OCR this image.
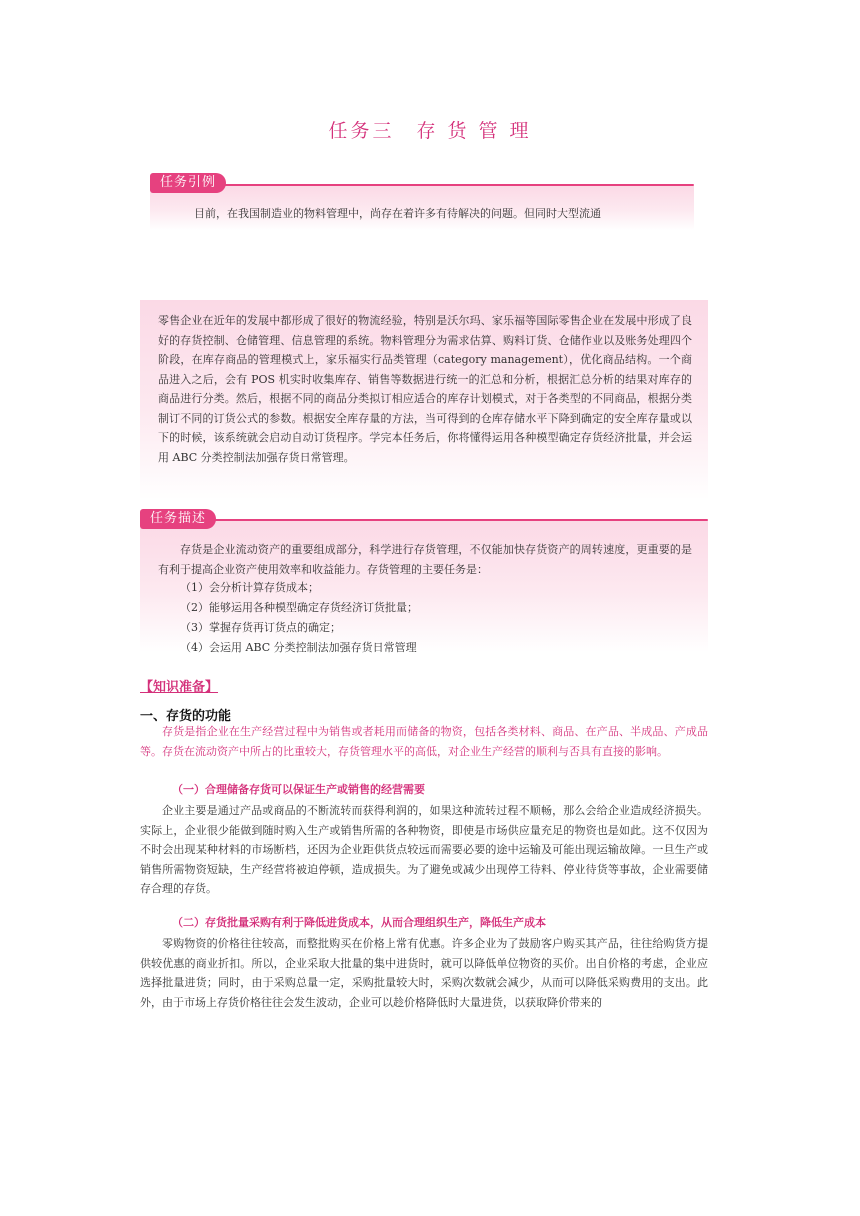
任务三　存 货 管 理
任务引例
目前，在我国制造业的物料管理中，尚存在着许多有待解决的问题。但同时大型流通
零售企业在近年的发展中都形成了很好的物流经验，特别是沃尔玛、家乐福等国际零售企业在发展中形成了良好的存货控制、仓储管理、信息管理的系统。物料管理分为需求估算、购料订货、仓储作业以及账务处理四个阶段，在库存商品的管理模式上，家乐福实行品类管理（category management），优化商品结构。一个商品进入之后，会有 POS 机实时收集库存、销售等数据进行统一的汇总和分析，根据汇总分析的结果对库存的商品进行分类。然后，根据不同的商品分类拟订相应适合的库存计划模式，对于各类型的不同商品，根据分类制订不同的订货公式的参数。根据安全库存量的方法，当可得到的仓库存储水平下降到确定的安全库存量或以下的时候，该系统就会启动自动订货程序。学完本任务后，你将懂得运用各种模型确定存货经济批量，并会运用 ABC 分类控制法加强存货日常管理。
任务描述
存货是企业流动资产的重要组成部分，科学进行存货管理，不仅能加快存货资产的周转速度，更重要的是有利于提高企业资产使用效率和收益能力。存货管理的主要任务是：
（1）会分析计算存货成本；
（2）能够运用各种模型确定存货经济订货批量；
（3）掌握存货再订货点的确定；
（4）会运用 ABC 分类控制法加强存货日常管理
【知识准备】
一、存货的功能
存货是指企业在生产经营过程中为销售或者耗用而储备的物资，包括各类材料、商品、在产品、半成品、产成品等。存货在流动资产中所占的比重较大，存货管理水平的高低，对企业生产经营的顺利与否具有直接的影响。
（一）合理储备存货可以保证生产或销售的经营需要
企业主要是通过产品或商品的不断流转而获得利润的，如果这种流转过程不顺畅，那么会给企业造成经济损失。实际上，企业很少能做到随时购入生产或销售所需的各种物资，即使是市场供应量充足的物资也是如此。这不仅因为不时会出现某种材料的市场断档，还因为企业距供货点较远而需要必要的途中运输及可能出现运输故障。一旦生产或销售所需物资短缺，生产经营将被迫停顿，造成损失。为了避免或减少出现停工待料、停业待货等事故，企业需要储存合理的存货。
（二）存货批量采购有利于降低进货成本，从而合理组织生产，降低生产成本
零购物资的价格往往较高，而整批购买在价格上常有优惠。许多企业为了鼓励客户购买其产品，往往给购货方提供较优惠的商业折扣。所以，企业采取大批量的集中进货时，就可以降低单位物资的买价。出自价格的考虑，企业应选择批量进货；同时，由于采购总量一定，采购批量较大时，采购次数就会减少，从而可以降低采购费用的支出。此外，由于市场上存货价格往往会发生波动，企业可以趁价格降低时大量进货，以获取降价带来的
